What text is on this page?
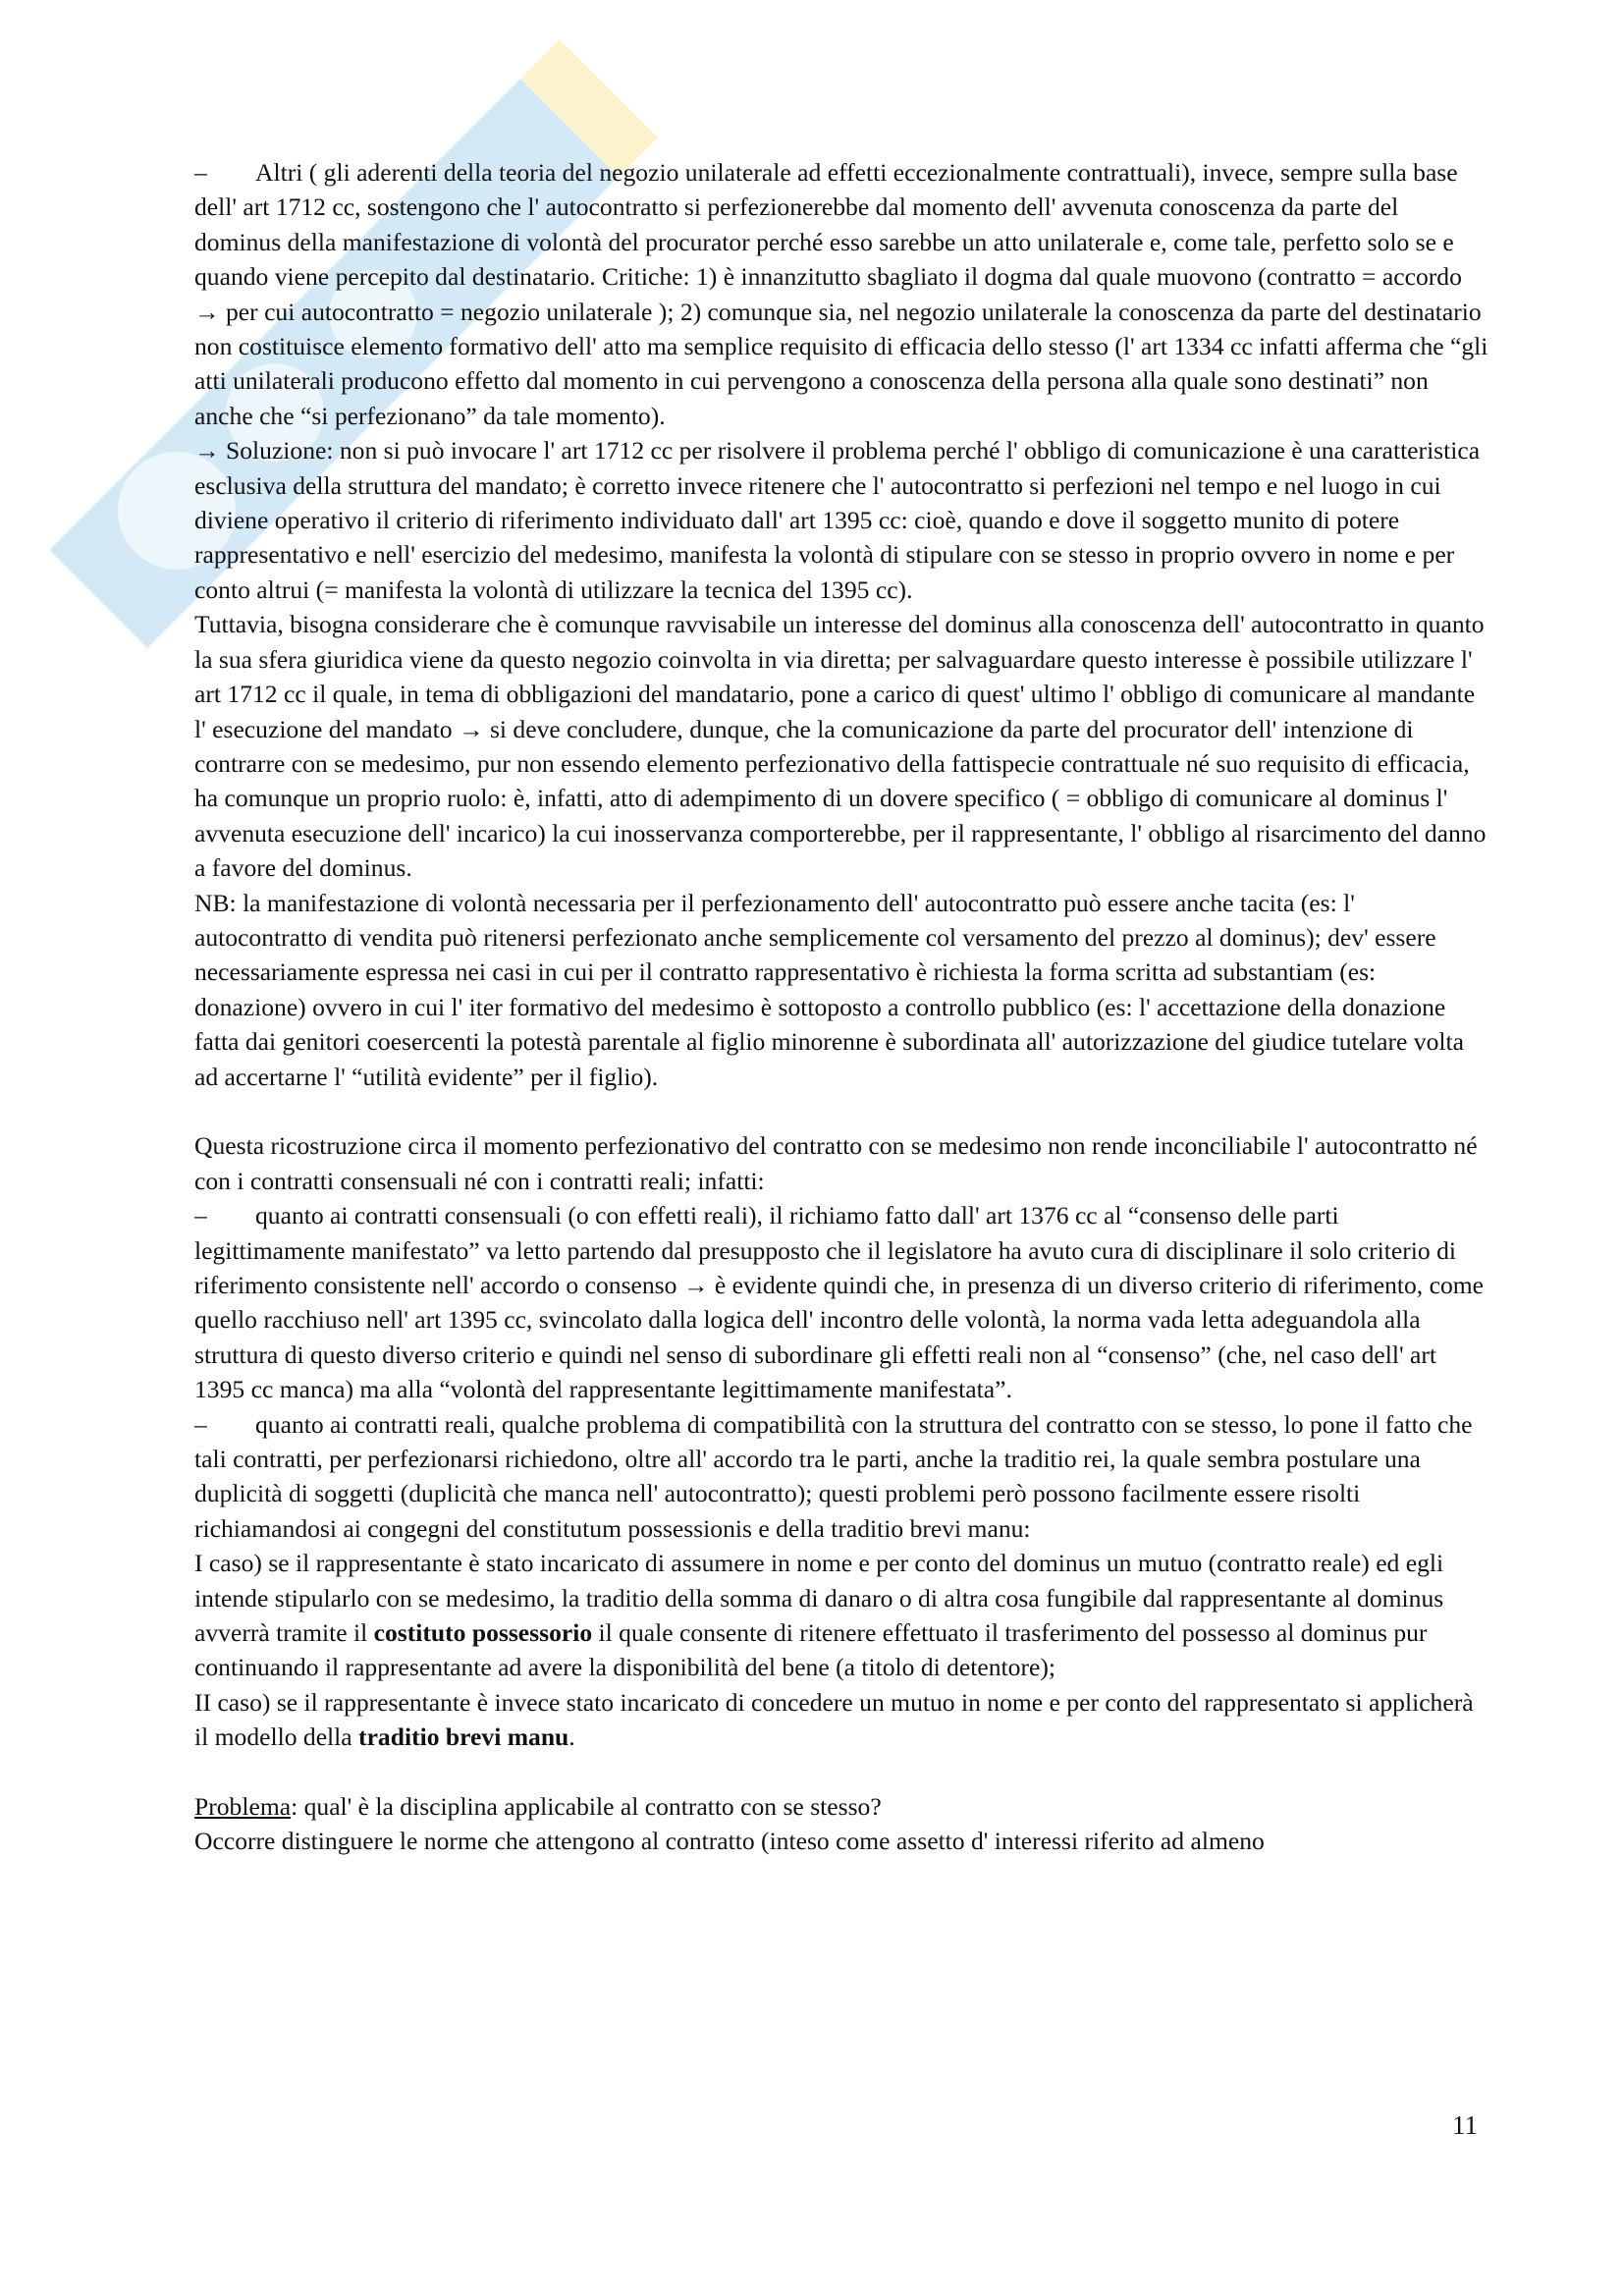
– Altri ( gli aderenti della teoria del negozio unilaterale ad effetti eccezionalmente contrattuali), invece, sempre sulla base dell' art 1712 cc, sostengono che l' autocontratto si perfezionerebbe dal momento dell' avvenuta conoscenza da parte del dominus della manifestazione di volontà del procurator perché esso sarebbe un atto unilaterale e, come tale, perfetto solo se e quando viene percepito dal destinatario. Critiche: 1) è innanzitutto sbagliato il dogma dal quale muovono (contratto = accordo → per cui autocontratto = negozio unilaterale ); 2) comunque sia, nel negozio unilaterale la conoscenza da parte del destinatario non costituisce elemento formativo dell' atto ma semplice requisito di efficacia dello stesso (l' art 1334 cc infatti afferma che “gli atti unilaterali producono effetto dal momento in cui pervengono a conoscenza della persona alla quale sono destinati” non anche che “si perfezionano” da tale momento).

→ Soluzione: non si può invocare l' art 1712 cc per risolvere il problema perché l' obbligo di comunicazione è una caratteristica esclusiva della struttura del mandato; è corretto invece ritenere che l' autocontratto si perfezioni nel tempo e nel luogo in cui diviene operativo il criterio di riferimento individuato dall' art 1395 cc: cioè, quando e dove il soggetto munito di potere rappresentativo e nell' esercizio del medesimo, manifesta la volontà di stipulare con se stesso in proprio ovvero in nome e per conto altrui (= manifesta la volontà di utilizzare la tecnica del 1395 cc).

Tuttavia, bisogna considerare che è comunque ravvisabile un interesse del dominus alla conoscenza dell' autocontratto in quanto la sua sfera giuridica viene da questo negozio coinvolta in via diretta; per salvaguardare questo interesse è possibile utilizzare l' art 1712 cc il quale, in tema di obbligazioni del mandatario, pone a carico di quest' ultimo l' obbligo di comunicare al mandante l' esecuzione del mandato → si deve concludere, dunque, che la comunicazione da parte del procurator dell' intenzione di contrarre con se medesimo, pur non essendo elemento perfezionativo della fattispecie contrattuale né suo requisito di efficacia, ha comunque un proprio ruolo: è, infatti, atto di adempimento di un dovere specifico ( = obbligo di comunicare al dominus l' avvenuta esecuzione dell' incarico) la cui inosservanza comporterebbe, per il rappresentante, l' obbligo al risarcimento del danno a favore del dominus.

NB: la manifestazione di volontà necessaria per il perfezionamento dell' autocontratto può essere anche tacita (es: l' autocontratto di vendita può ritenersi perfezionato anche semplicemente col versamento del prezzo al dominus); dev' essere necessariamente espressa nei casi in cui per il contratto rappresentativo è richiesta la forma scritta ad substantiam (es: donazione) ovvero in cui l' iter formativo del medesimo è sottoposto a controllo pubblico (es: l' accettazione della donazione fatta dai genitori coesercenti la potestà parentale al figlio minorenne è subordinata all' autorizzazione del giudice tutelare volta ad accertarne l' “utilità evidente” per il figlio).

Questa ricostruzione circa il momento perfezionativo del contratto con se medesimo non rende inconciliabile l' autocontratto né con i contratti consensuali né con i contratti reali; infatti:

– quanto ai contratti consensuali (o con effetti reali), il richiamo fatto dall' art 1376 cc al “consenso delle parti legittimamente manifestato” va letto partendo dal presupposto che il legislatore ha avuto cura di disciplinare il solo criterio di riferimento consistente nell' accordo o consenso → è evidente quindi che, in presenza di un diverso criterio di riferimento, come quello racchiuso nell' art 1395 cc, svincolato dalla logica dell' incontro delle volontà, la norma vada letta adeguandola alla struttura di questo diverso criterio e quindi nel senso di subordinare gli effetti reali non al “consenso” (che, nel caso dell' art 1395 cc manca) ma alla “volontà del rappresentante legittimamente manifestata”.

– quanto ai contratti reali, qualche problema di compatibilità con la struttura del contratto con se stesso, lo pone il fatto che tali contratti, per perfezionarsi richiedono, oltre all' accordo tra le parti, anche la traditio rei, la quale sembra postulare una duplicità di soggetti (duplicità che manca nell' autocontratto); questi problemi però possono facilmente essere risolti richiamandosi ai congegni del constitutum possessionis e della traditio brevi manu:

I caso) se il rappresentante è stato incaricato di assumere in nome e per conto del dominus un mutuo (contratto reale) ed egli intende stipularlo con se medesimo, la traditio della somma di danaro o di altra cosa fungibile dal rappresentante al dominus avverrà tramite il costituto possessorio il quale consente di ritenere effettuato il trasferimento del possesso al dominus pur continuando il rappresentante ad avere la disponibilità del bene (a titolo di detentore);

II caso) se il rappresentante è invece stato incaricato di concedere un mutuo in nome e per conto del rappresentato si applicherà il modello della traditio brevi manu.

Problema: qual' è la disciplina applicabile al contratto con se stesso?

Occorre distinguere le norme che attengono al contratto (inteso come assetto d' interessi riferito ad almeno

11
